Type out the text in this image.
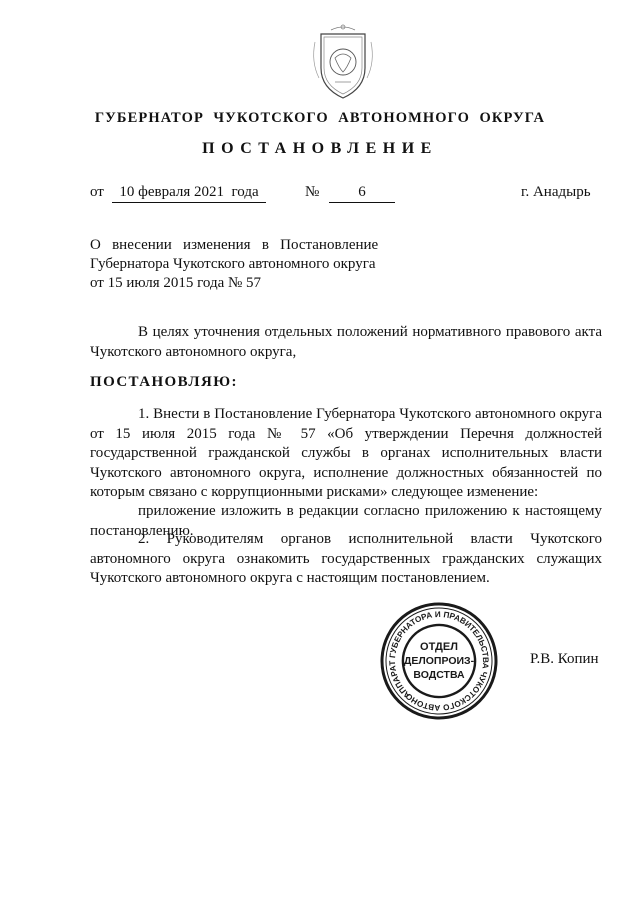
ГУБЕРНАТОР  ЧУКОТСКОГО  АВТОНОМНОГО  ОКРУГА
ПОСТАНОВЛЕНИЕ
от	10 февраля 2021  года	№	6	г. Анадырь
О   внесении   изменения   в   Постановление
Губернатора Чукотского автономного округа
от 15 июля 2015 года № 57
В целях уточнения отдельных положений нормативного правового акта Чукотского автономного округа,
ПОСТАНОВЛЯЮ:
1. Внести в Постановление Губернатора Чукотского автономного округа от 15 июля 2015 года № 57 «Об утверждении Перечня должностей государственной гражданской службы в органах исполнительных власти Чукотского автономного округа, исполнение должностных обязанностей по которым связано с коррупционными рисками» следующее изменение:
приложение изложить в редакции согласно приложению к настоящему постановлению.
2. Руководителям органов исполнительной власти Чукотского автономного округа ознакомить государственных гражданских служащих Чукотского автономного округа с настоящим постановлением.
АППАРАТ ГУБЕРНАТОРА И ПРАВИТЕЛЬСТВА ЧУКОТСКОГО АВТОНОМНОГО
ОТДЕЛ
ДЕЛОПРОИЗ-
ВОДСТВА
Р.В. Копин
